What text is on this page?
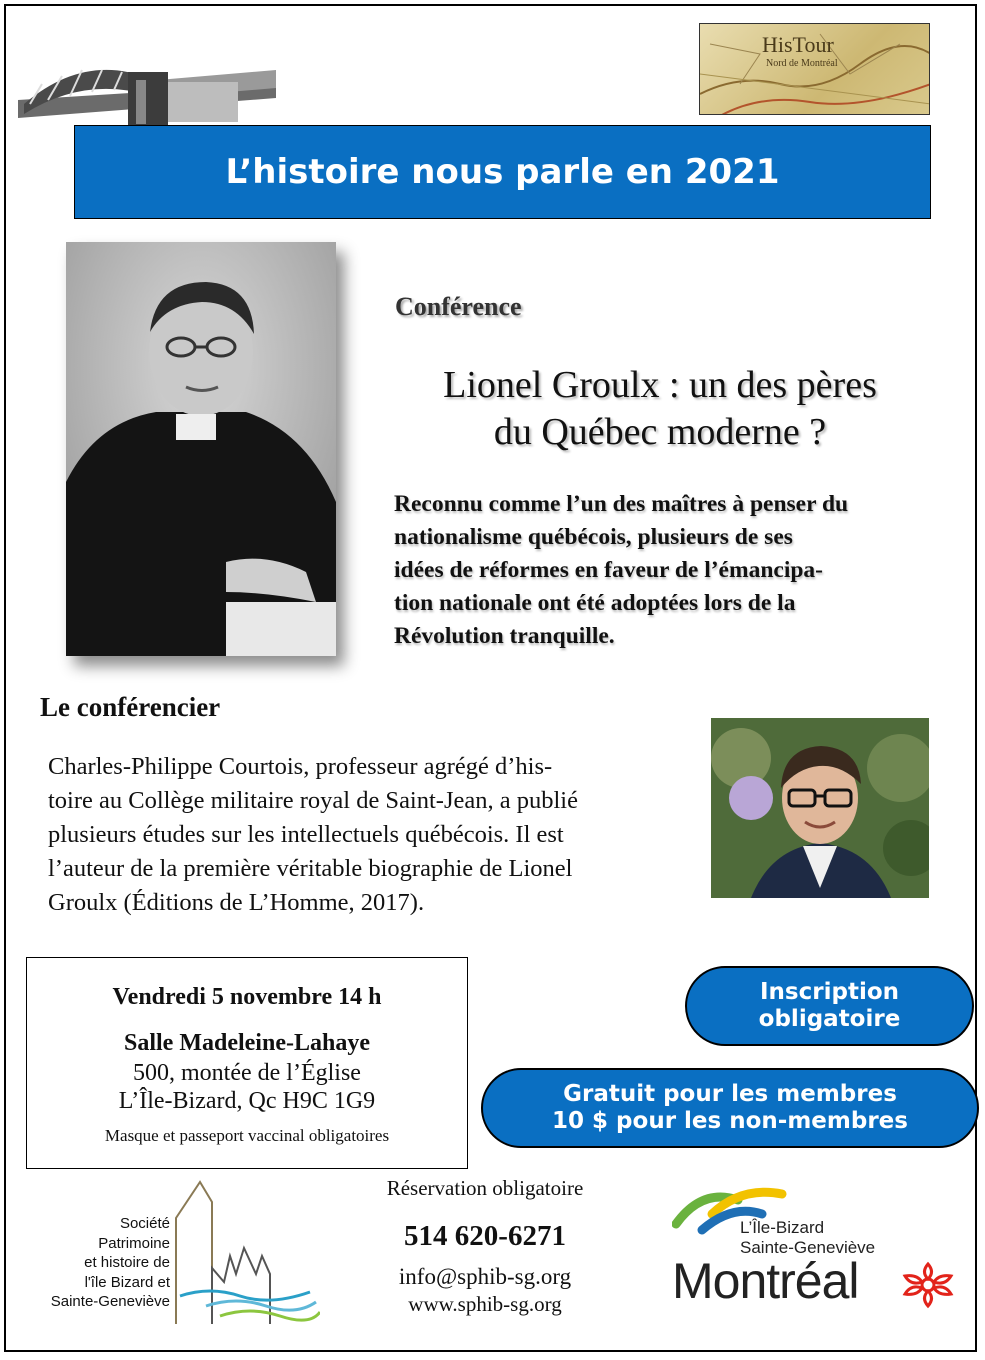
HisTour
Nord de Montréal
L’histoire nous parle en 2021
Conférence
Lionel Groulx : un des pères
du Québec moderne ?
Reconnu comme l’un des maîtres à penser du
nationalisme québécois, plusieurs de ses
idées de réformes en faveur de l’émancipa-
tion nationale ont été adoptées lors de la
Révolution tranquille.
Le conférencier
Charles-Philippe Courtois, professeur agrégé d’his-
toire au Collège militaire royal de Saint-Jean, a publié
plusieurs études sur les intellectuels québécois. Il est
l’auteur de la première véritable biographie de Lionel
Groulx (Éditions de L’Homme, 2017).
Vendredi 5 novembre 14 h
Salle Madeleine-Lahaye
500, montée de l’Église
L’Île-Bizard, Qc H9C 1G9
Masque et passeport vaccinal obligatoires
Inscription
obligatoire
Gratuit pour les membres
10 $ pour les non-membres
Société
Patrimoine
et histoire de
l'île Bizard et
Sainte-Geneviève
Réservation obligatoire
514 620-6271
info@sphib-sg.org
www.sphib-sg.org
L’Île-Bizard
Sainte-Geneviève
Montréal
